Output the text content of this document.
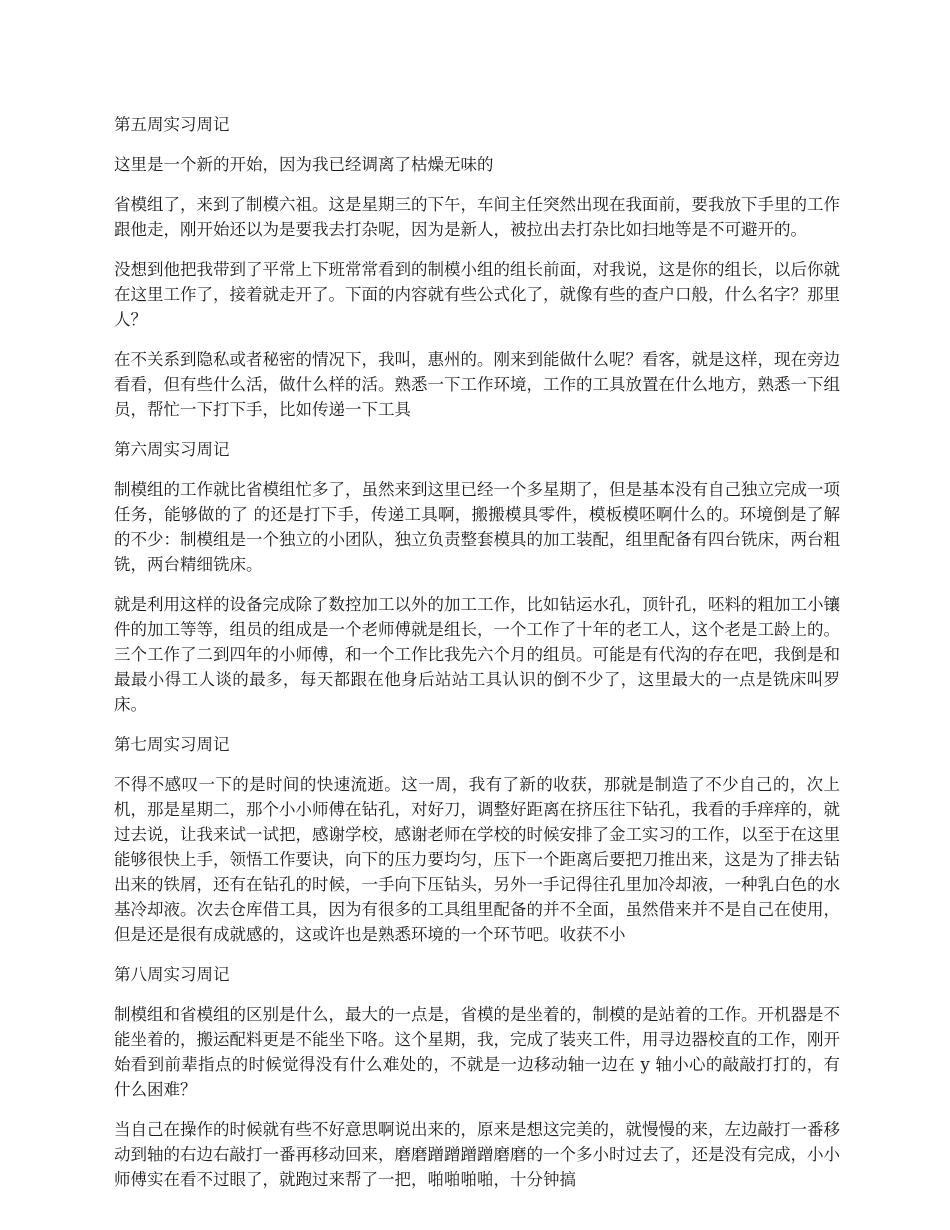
第五周实习周记

这里是一个新的开始，因为我已经调离了枯燥无味的

省模组了，来到了制模六祖。这是星期三的下午，车间主任突然出现在我面前，要我放下手里的工作跟他走，刚开始还以为是要我去打杂呢，因为是新人，被拉出去打杂比如扫地等是不可避开的。

没想到他把我带到了平常上下班常常看到的制模小组的组长前面，对我说，这是你的组长，以后你就在这里工作了，接着就走开了。下面的内容就有些公式化了，就像有些的查户口般，什么名字？那里人？

在不关系到隐私或者秘密的情况下，我叫，惠州的。刚来到能做什么呢？看客，就是这样，现在旁边看看，但有些什么活，做什么样的活。熟悉一下工作环境，工作的工具放置在什么地方，熟悉一下组员，帮忙一下打下手，比如传递一下工具

第六周实习周记

制模组的工作就比省模组忙多了，虽然来到这里已经一个多星期了，但是基本没有自己独立完成一项任务，能够做的了 的还是打下手，传递工具啊，搬搬模具零件，模板模呸啊什么的。环境倒是了解的不少：制模组是一个独立的小团队，独立负责整套模具的加工装配，组里配备有四台铣床，两台粗铣，两台精细铣床。

就是利用这样的设备完成除了数控加工以外的加工工作，比如钻运水孔，顶针孔，呸料的粗加工小镶件的加工等等，组员的组成是一个老师傅就是组长，一个工作了十年的老工人，这个老是工龄上的。三个工作了二到四年的小师傅，和一个工作比我先六个月的组员。可能是有代沟的存在吧，我倒是和最最小得工人谈的最多，每天都跟在他身后站站工具认识的倒不少了，这里最大的一点是铣床叫罗床。

第七周实习周记

不得不感叹一下的是时间的快速流逝。这一周，我有了新的收获，那就是制造了不少自己的，次上机，那是星期二，那个小小师傅在钻孔，对好刀，调整好距离在挤压往下钻孔，我看的手痒痒的，就过去说，让我来试一试把，感谢学校，感谢老师在学校的时候安排了金工实习的工作，以至于在这里能够很快上手，领悟工作要诀，向下的压力要均匀，压下一个距离后要把刀推出来，这是为了排去钻出来的铁屑，还有在钻孔的时候，一手向下压钻头，另外一手记得往孔里加冷却液，一种乳白色的水基冷却液。次去仓库借工具，因为有很多的工具组里配备的并不全面，虽然借来并不是自己在使用，但是还是很有成就感的，这或许也是熟悉环境的一个环节吧。收获不小

第八周实习周记

制模组和省模组的区别是什么，最大的一点是，省模的是坐着的，制模的是站着的工作。开机器是不能坐着的，搬运配料更是不能坐下咯。这个星期，我，完成了装夹工件，用寻边器校直的工作，刚开始看到前辈指点的时候觉得没有什么难处的，不就是一边移动轴一边在 y 轴小心的敲敲打打的，有什么困难？

当自己在操作的时候就有些不好意思啊说出来的，原来是想这完美的，就慢慢的来，左边敲打一番移动到轴的右边右敲打一番再移动回来，磨磨蹭蹭蹭蹭磨磨的一个多小时过去了，还是没有完成，小小师傅实在看不过眼了，就跑过来帮了一把，啪啪啪啪，十分钟搞
